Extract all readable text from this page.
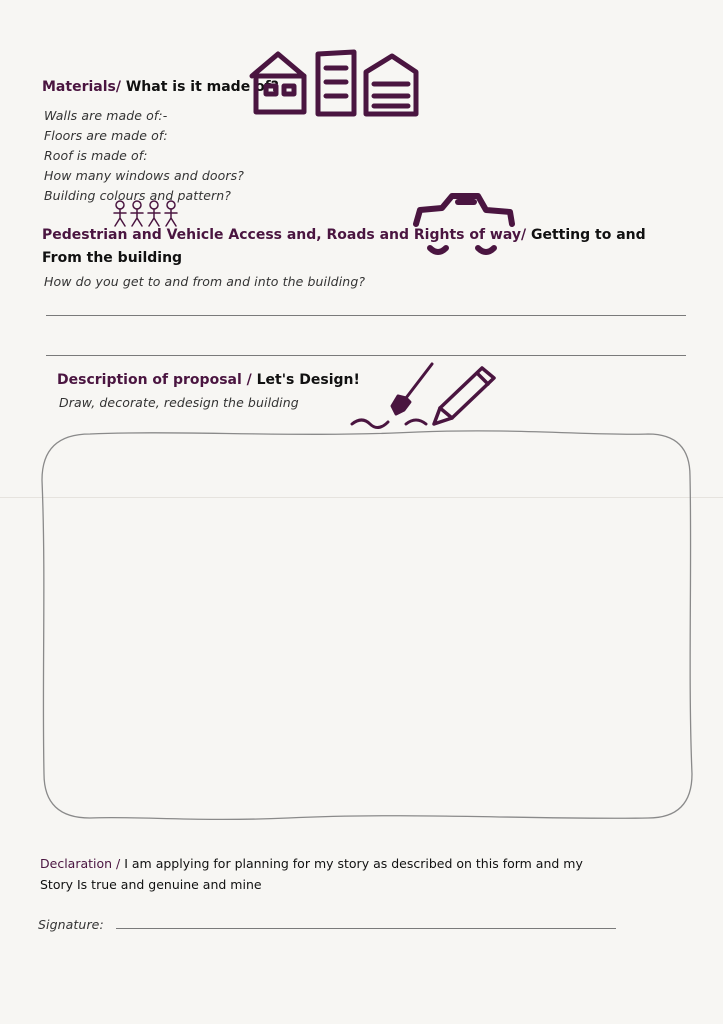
Materials/ What is it made of?
Walls are made of:-
Floors are made of:
Roof is made of:
How many windows and doors?
Building colours and pattern?
Pedestrian and Vehicle Access and, Roads and Rights of way/ Getting to and
From the building
How do you get to and from and into the building?
Description of proposal / Let's Design!
Draw, decorate, redesign the building
Declaration / I am applying for planning for my story as described on this form and my
Story Is true and genuine and mine
Signature:
